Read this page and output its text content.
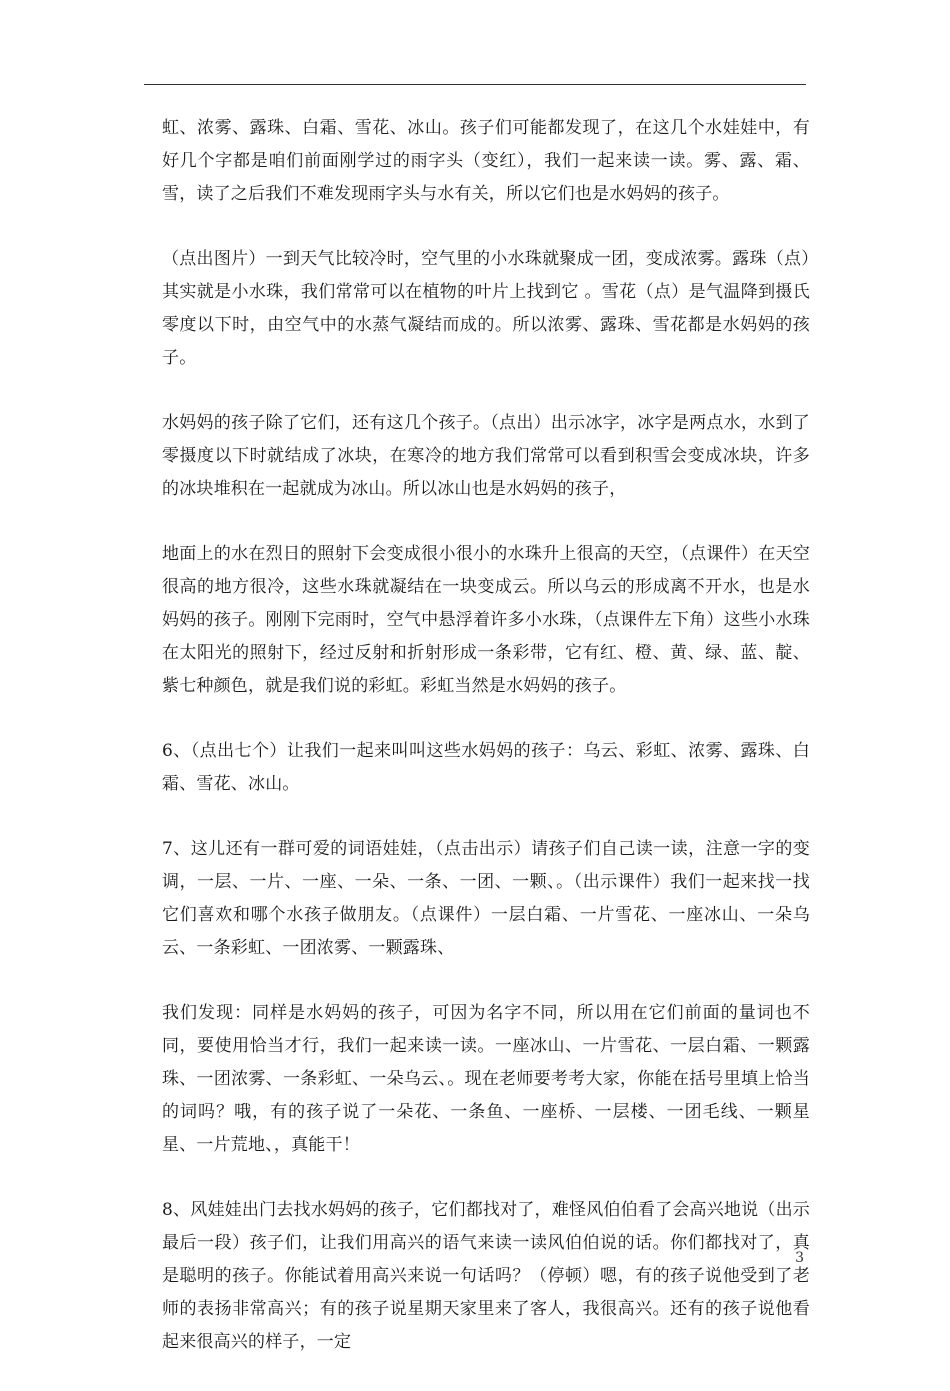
虹、浓雾、露珠、白霜、雪花、冰山。孩子们可能都发现了，在这几个水娃娃中，有好几个字都是咱们前面刚学过的雨字头（变红），我们一起来读一读。雾、露、霜、雪，读了之后我们不难发现雨字头与水有关，所以它们也是水妈妈的孩子。

（点出图片）一到天气比较冷时，空气里的小水珠就聚成一团，变成浓雾。露珠（点）其实就是小水珠，我们常常可以在植物的叶片上找到它 。雪花（点）是气温降到摄氏零度以下时，由空气中的水蒸气凝结而成的。所以浓雾、露珠、雪花都是水妈妈的孩子。

水妈妈的孩子除了它们，还有这几个孩子。（点出）出示冰字，冰字是两点水，水到了零摄度以下时就结成了冰块，在寒冷的地方我们常常可以看到积雪会变成冰块，许多的冰块堆积在一起就成为冰山。所以冰山也是水妈妈的孩子，

地面上的水在烈日的照射下会变成很小很小的水珠升上很高的天空，（点课件）在天空很高的地方很冷，这些水珠就凝结在一块变成云。所以乌云的形成离不开水，也是水妈妈的孩子。刚刚下完雨时，空气中悬浮着许多小水珠，（点课件左下角）这些小水珠在太阳光的照射下，经过反射和折射形成一条彩带，它有红、橙、黄、绿、蓝、靛、紫七种颜色，就是我们说的彩虹。彩虹当然是水妈妈的孩子。

6、（点出七个）让我们一起来叫叫这些水妈妈的孩子：乌云、彩虹、浓雾、露珠、白霜、雪花、冰山。

7、这儿还有一群可爱的词语娃娃，（点击出示）请孩子们自己读一读，注意一字的变调，一层、一片、一座、一朵、一条、一团、一颗、。（出示课件）我们一起来找一找它们喜欢和哪个水孩子做朋友。（点课件）一层白霜、一片雪花、一座冰山、一朵乌云、一条彩虹、一团浓雾、一颗露珠、

我们发现：同样是水妈妈的孩子，可因为名字不同，所以用在它们前面的量词也不同，要使用恰当才行，我们一起来读一读。一座冰山、一片雪花、一层白霜、一颗露珠、一团浓雾、一条彩虹、一朵乌云、。现在老师要考考大家，你能在括号里填上恰当的词吗？哦，有的孩子说了一朵花、一条鱼、一座桥、一层楼、一团毛线、一颗星星、一片荒地、，真能干！

8、风娃娃出门去找水妈妈的孩子，它们都找对了，难怪风伯伯看了会高兴地说（出示最后一段）孩子们，让我们用高兴的语气来读一读风伯伯说的话。你们都找对了，真是聪明的孩子。你能试着用高兴来说一句话吗？（停顿）嗯，有的孩子说他受到了老师的表扬非常高兴；有的孩子说星期天家里来了客人，我很高兴。还有的孩子说他看起来很高兴的样子，一定

3
